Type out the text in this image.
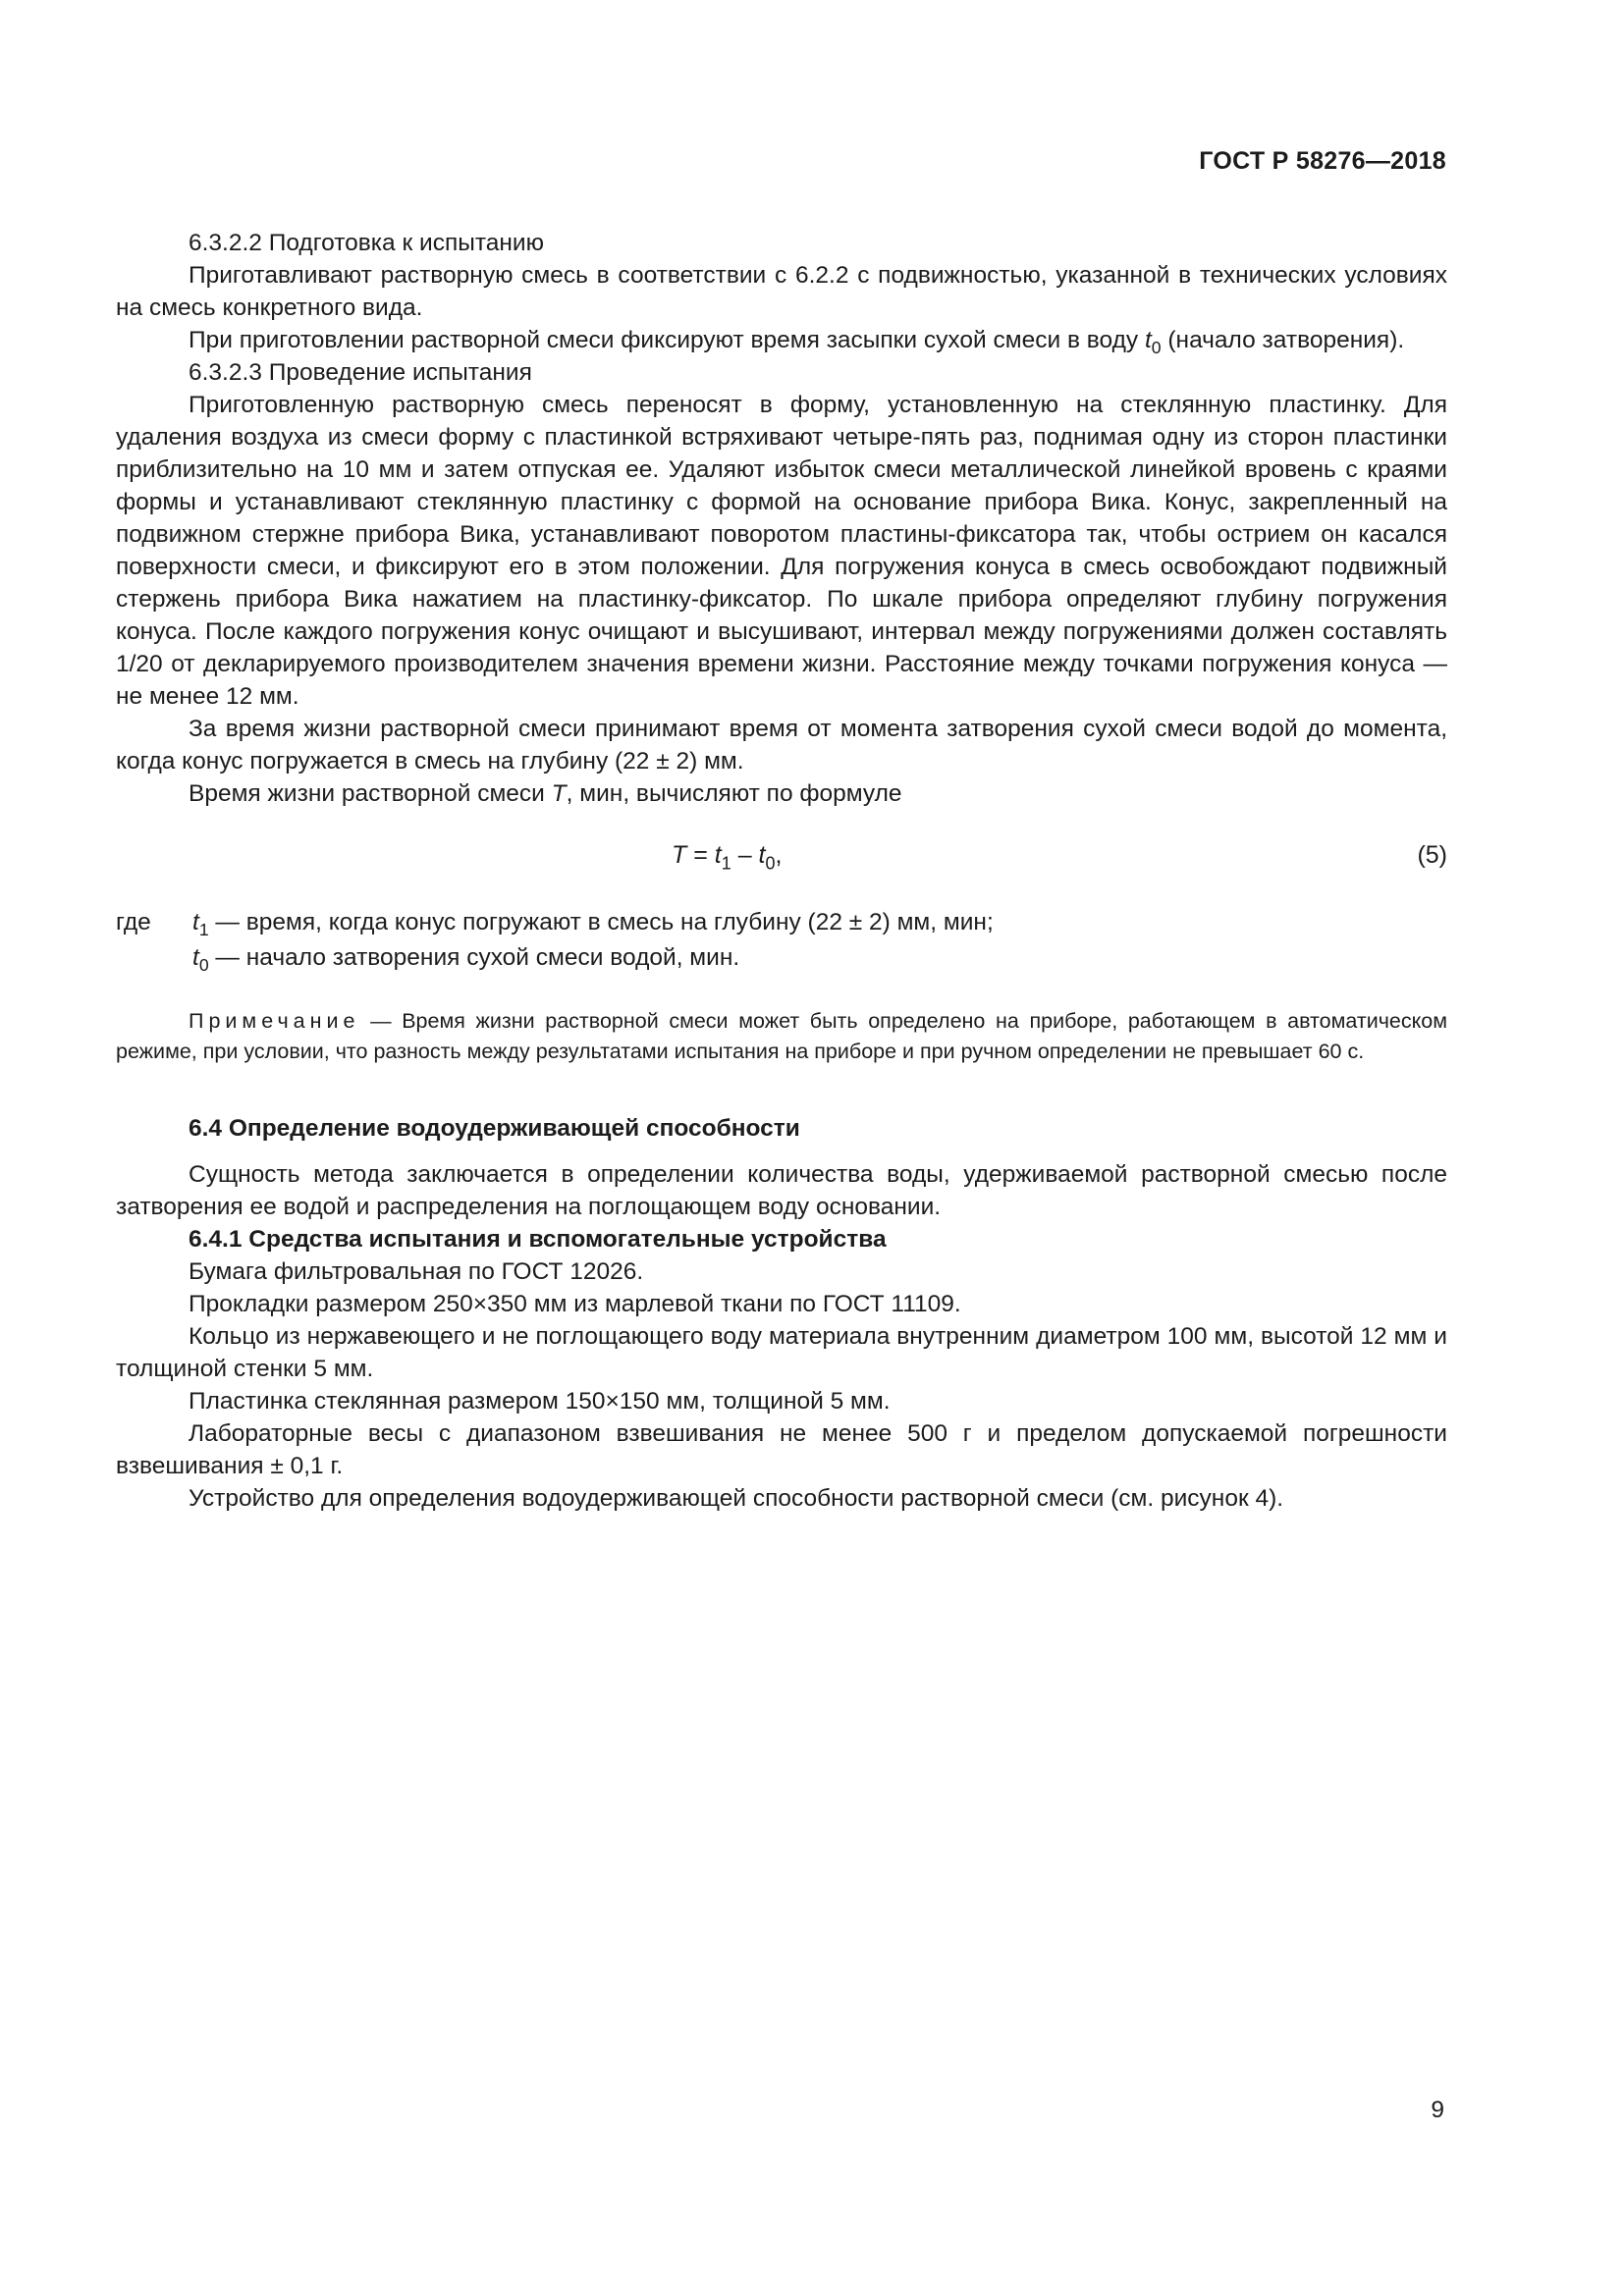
ГОСТ Р 58276—2018

6.3.2.2 Подготовка к испытанию

Приготавливают растворную смесь в соответствии с 6.2.2 с подвижностью, указанной в технических условиях на смесь конкретного вида.

При приготовлении растворной смеси фиксируют время засыпки сухой смеси в воду $t_0$ (начало затворения).

6.3.2.3 Проведение испытания

Приготовленную растворную смесь переносят в форму, установленную на стеклянную пластинку. Для удаления воздуха из смеси форму с пластинкой встряхивают четыре-пять раз, поднимая одну из сторон пластинки приблизительно на 10 мм и затем отпуская ее. Удаляют избыток смеси металлической линейкой вровень с краями формы и устанавливают стеклянную пластинку с формой на основание прибора Вика. Конус, закрепленный на подвижном стержне прибора Вика, устанавливают поворотом пластины-фиксатора так, чтобы острием он касался поверхности смеси, и фиксируют его в этом положении. Для погружения конуса в смесь освобождают подвижный стержень прибора Вика нажатием на пластинку-фиксатор. По шкале прибора определяют глубину погружения конуса. После каждого погружения конус очищают и высушивают, интервал между погружениями должен составлять 1/20 от декларируемого производителем значения времени жизни. Расстояние между точками погружения конуса — не менее 12 мм.

За время жизни растворной смеси принимают время от момента затворения сухой смеси водой до момента, когда конус погружается в смесь на глубину (22 ± 2) мм.

Время жизни растворной смеси T, мин, вычисляют по формуле

$T = t_1 - t_0$,	(5)
где $t_1$ — время, когда конус погружают в смесь на глубину (22 ± 2) мм, мин;
$t_0$ — начало затворения сухой смеси водой, мин.

Примечание — Время жизни растворной смеси может быть определено на приборе, работающем в автоматическом режиме, при условии, что разность между результатами испытания на приборе и при ручном определении не превышает 60 с.

6.4 Определение водоудерживающей способности

Сущность метода заключается в определении количества воды, удерживаемой растворной смесью после затворения ее водой и распределения на поглощающем воду основании.

6.4.1 Средства испытания и вспомогательные устройства

Бумага фильтровальная по ГОСТ 12026.

Прокладки размером 250×350 мм из марлевой ткани по ГОСТ 11109.

Кольцо из нержавеющего и не поглощающего воду материала внутренним диаметром 100 мм, высотой 12 мм и толщиной стенки 5 мм.

Пластинка стеклянная размером 150×150 мм, толщиной 5 мм.

Лабораторные весы с диапазоном взвешивания не менее 500 г и пределом допускаемой погрешности взвешивания ± 0,1 г.

Устройство для определения водоудерживающей способности растворной смеси (см. рисунок 4).

9
